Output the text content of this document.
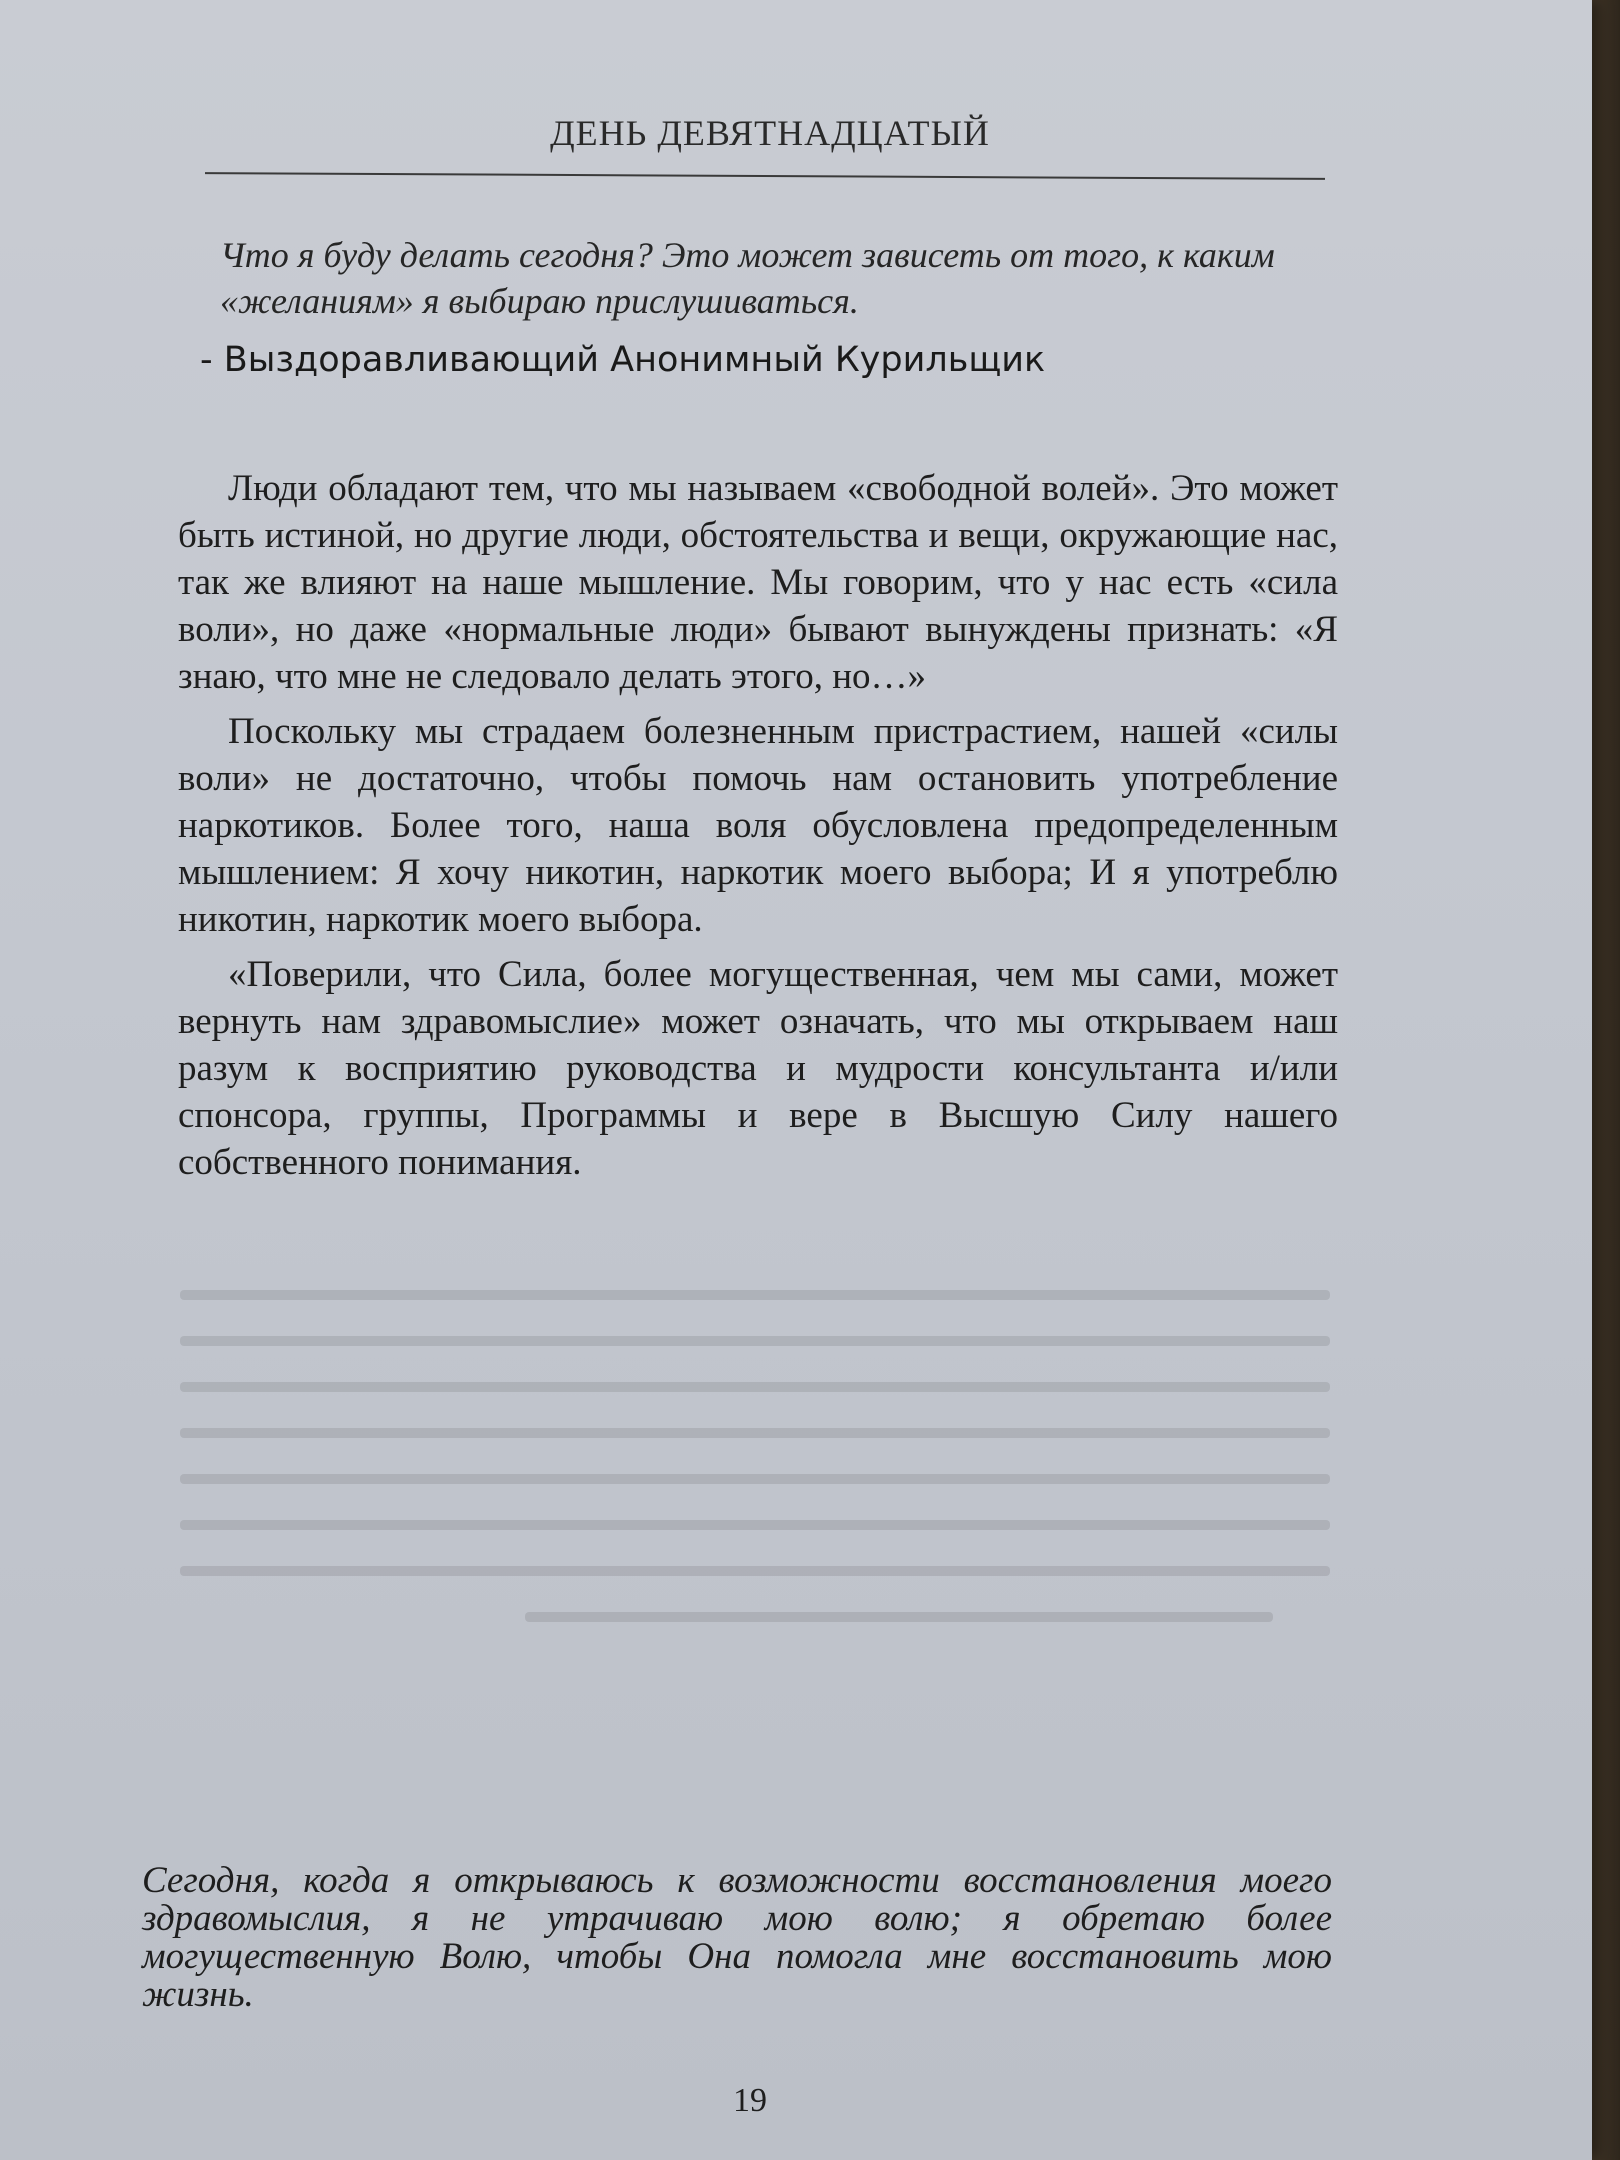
ДЕНЬ ДЕВЯТНАДЦАТЫЙ
Что я буду делать сегодня? Это может зависеть от того, к каким «желаниям» я выбираю прислушиваться.
- Выздоравливающий Анонимный Курильщик

Люди обладают тем, что мы называем «свободной волей». Это может быть истиной, но другие люди, обстоятельства и вещи, окружающие нас, так же влияют на наше мышление. Мы говорим, что у нас есть «сила воли», но даже «нормальные люди» бывают вынуждены признать: «Я знаю, что мне не следовало делать этого, но…»

Поскольку мы страдаем болезненным пристрастием, нашей «силы воли» не достаточно, чтобы помочь нам остановить употребление наркотиков. Более того, наша воля обусловлена предопределенным мышлением: Я хочу никотин, наркотик моего выбора; И я употреблю никотин, наркотик моего выбора.

«Поверили, что Сила, более могущественная, чем мы сами, может вернуть нам здравомыслие» может означать, что мы открываем наш разум к восприятию руководства и мудрости консультанта и/или спонсора, группы, Программы и вере в Высшую Силу нашего собственного понимания.

Сегодня, когда я открываюсь к возможности восстановления моего здравомыслия, я не утрачиваю мою волю; я обретаю более могущественную Волю, чтобы Она помогла мне восстановить мою жизнь.
19
